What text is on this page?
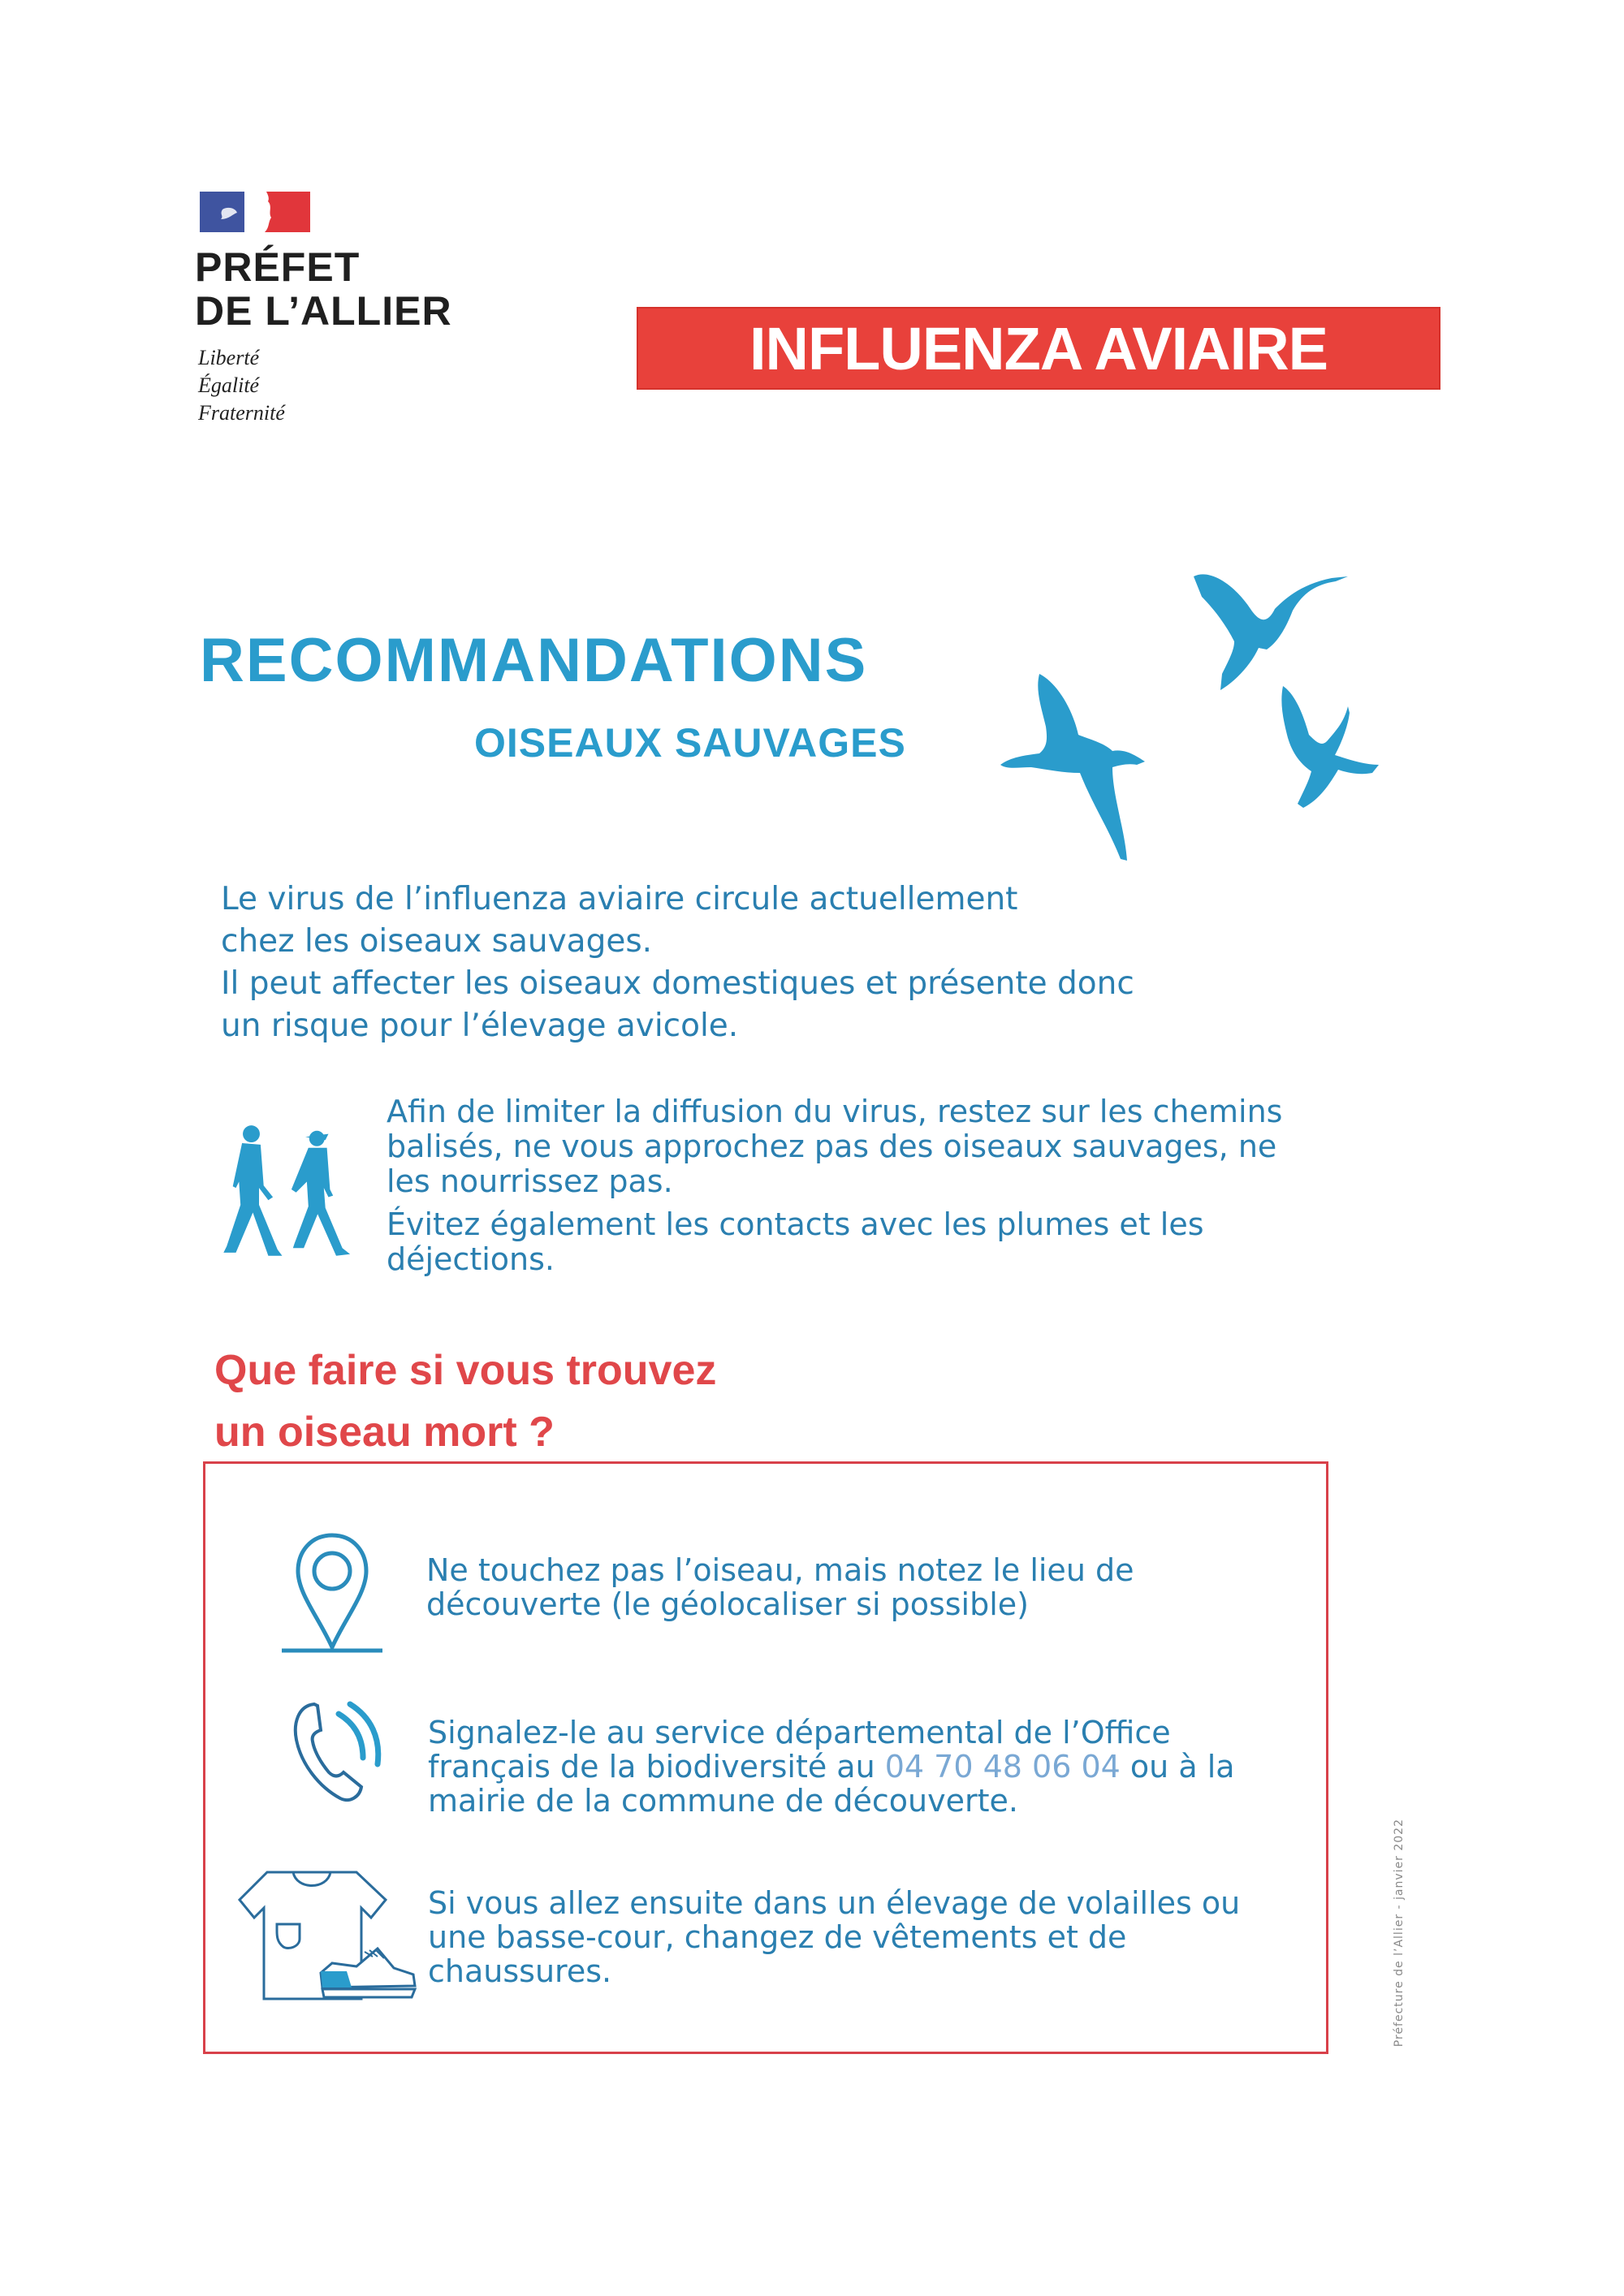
PRÉFET
DE L’ALLIER
Liberté
Égalité
Fraternité
INFLUENZA AVIAIRE
RECOMMANDATIONS
OISEAUX SAUVAGES
Le virus de l’influenza aviaire circule actuellement
chez les oiseaux sauvages.
Il peut affecter les oiseaux domestiques et présente donc
un risque pour l’élevage avicole.

Afin de limiter la diffusion du virus, restez sur les chemins balisés, ne vous approchez pas des oiseaux sauvages, ne les nourrissez pas.

Évitez également les contacts avec les plumes et les déjections.

Que faire si vous trouvez
un oiseau mort ?
Ne touchez pas l’oiseau, mais notez le lieu de découverte (le géolocaliser si possible)
Signalez-le au service départemental de l’Office français de la biodiversité au 04 70 48 06 04 ou à la mairie de la commune de découverte.
Si vous allez ensuite dans un élevage de volailles ou une basse-cour, changez de vêtements et de chaussures.	Préfecture de l’Allier - janvier 2022
